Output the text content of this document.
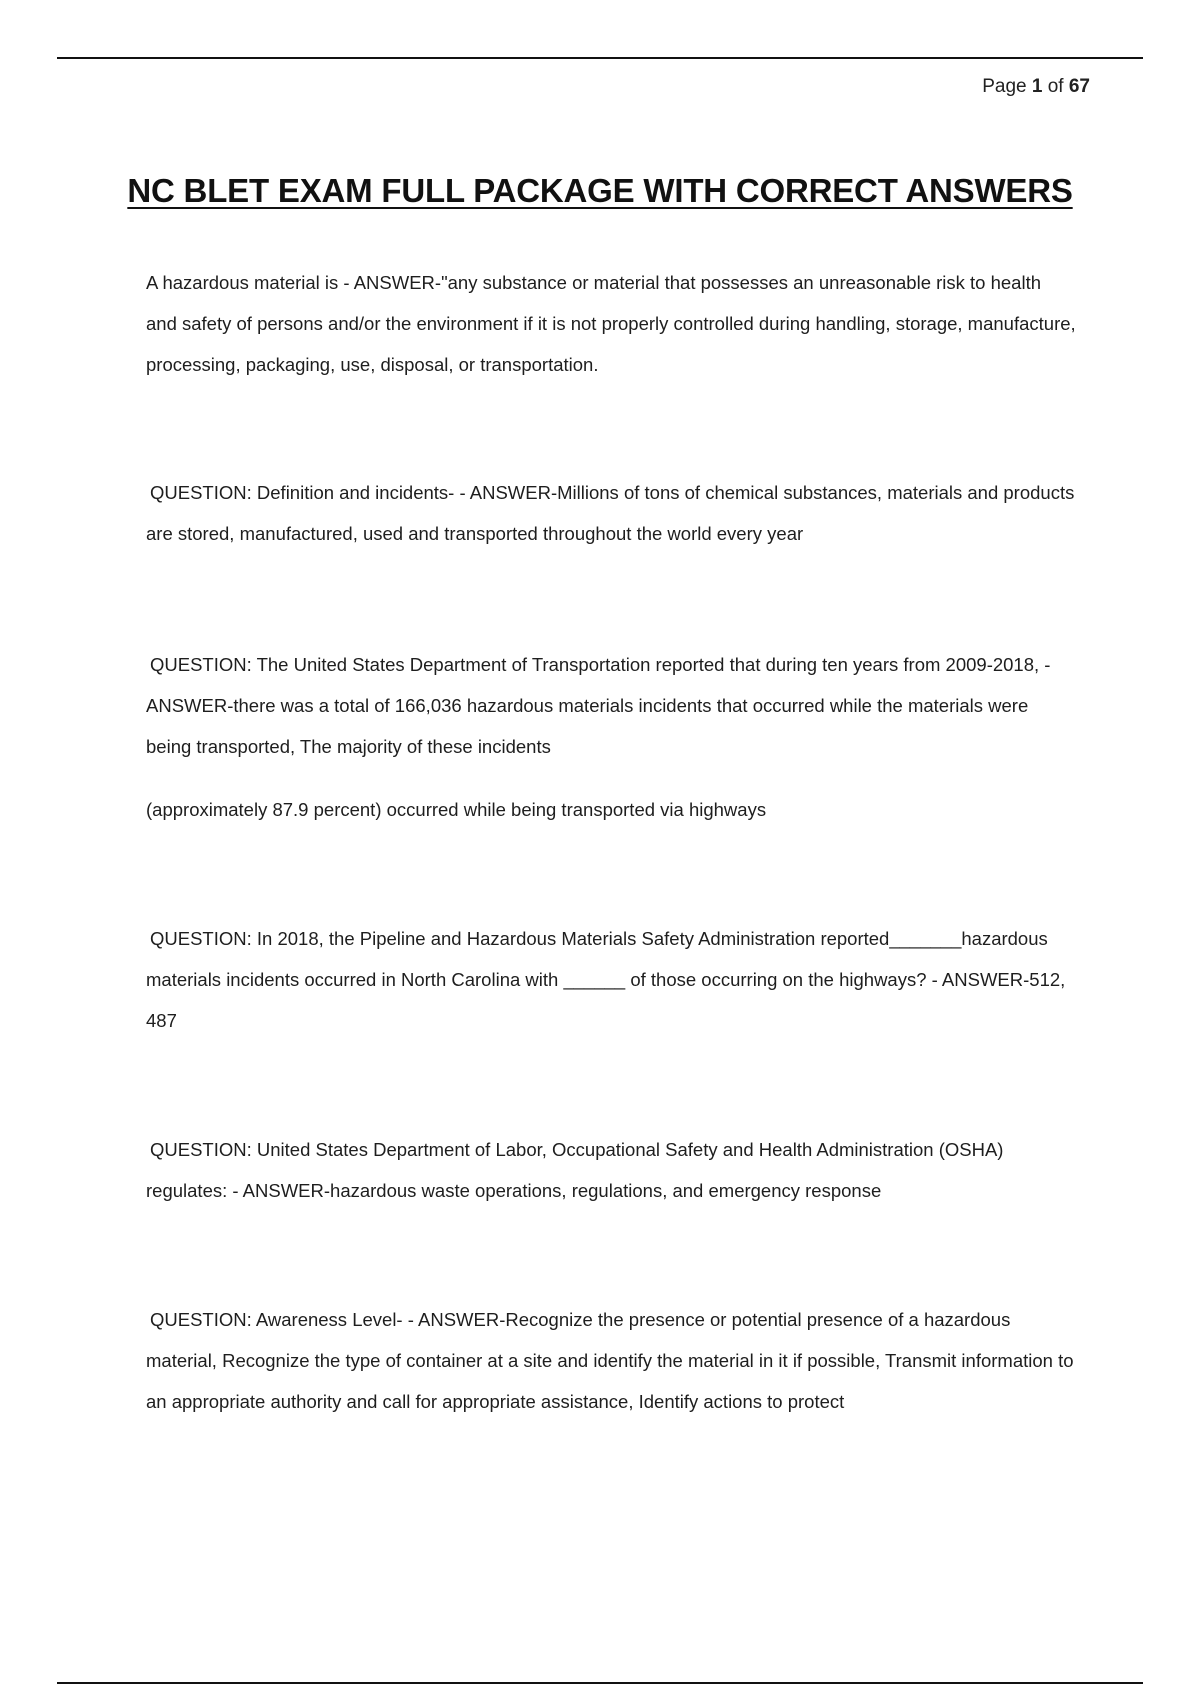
Page 1 of 67
NC BLET EXAM FULL PACKAGE WITH CORRECT ANSWERS

A hazardous material is - ANSWER-"any substance or material that possesses an unreasonable risk to health and safety of persons and/or the environment if it is not properly controlled during handling, storage, manufacture, processing, packaging, use, disposal, or transportation.

QUESTION: Definition and incidents- - ANSWER-Millions of tons of chemical substances, materials and products are stored, manufactured, used and transported throughout the world every year

QUESTION: The United States Department of Transportation reported that during ten years from 2009-2018, - ANSWER-there was a total of 166,036 hazardous materials incidents that occurred while the materials were being transported, The majority of these incidents

(approximately 87.9 percent) occurred while being transported via highways

QUESTION: In 2018, the Pipeline and Hazardous Materials Safety Administration reported_______hazardous materials incidents occurred in North Carolina with ______ of those occurring on the highways? - ANSWER-512, 487

QUESTION: United States Department of Labor, Occupational Safety and Health Administration (OSHA) regulates: - ANSWER-hazardous waste operations, regulations, and emergency response

QUESTION: Awareness Level- - ANSWER-Recognize the presence or potential presence of a hazardous material, Recognize the type of container at a site and identify the material in it if possible, Transmit information to an appropriate authority and call for appropriate assistance, Identify actions to protect
